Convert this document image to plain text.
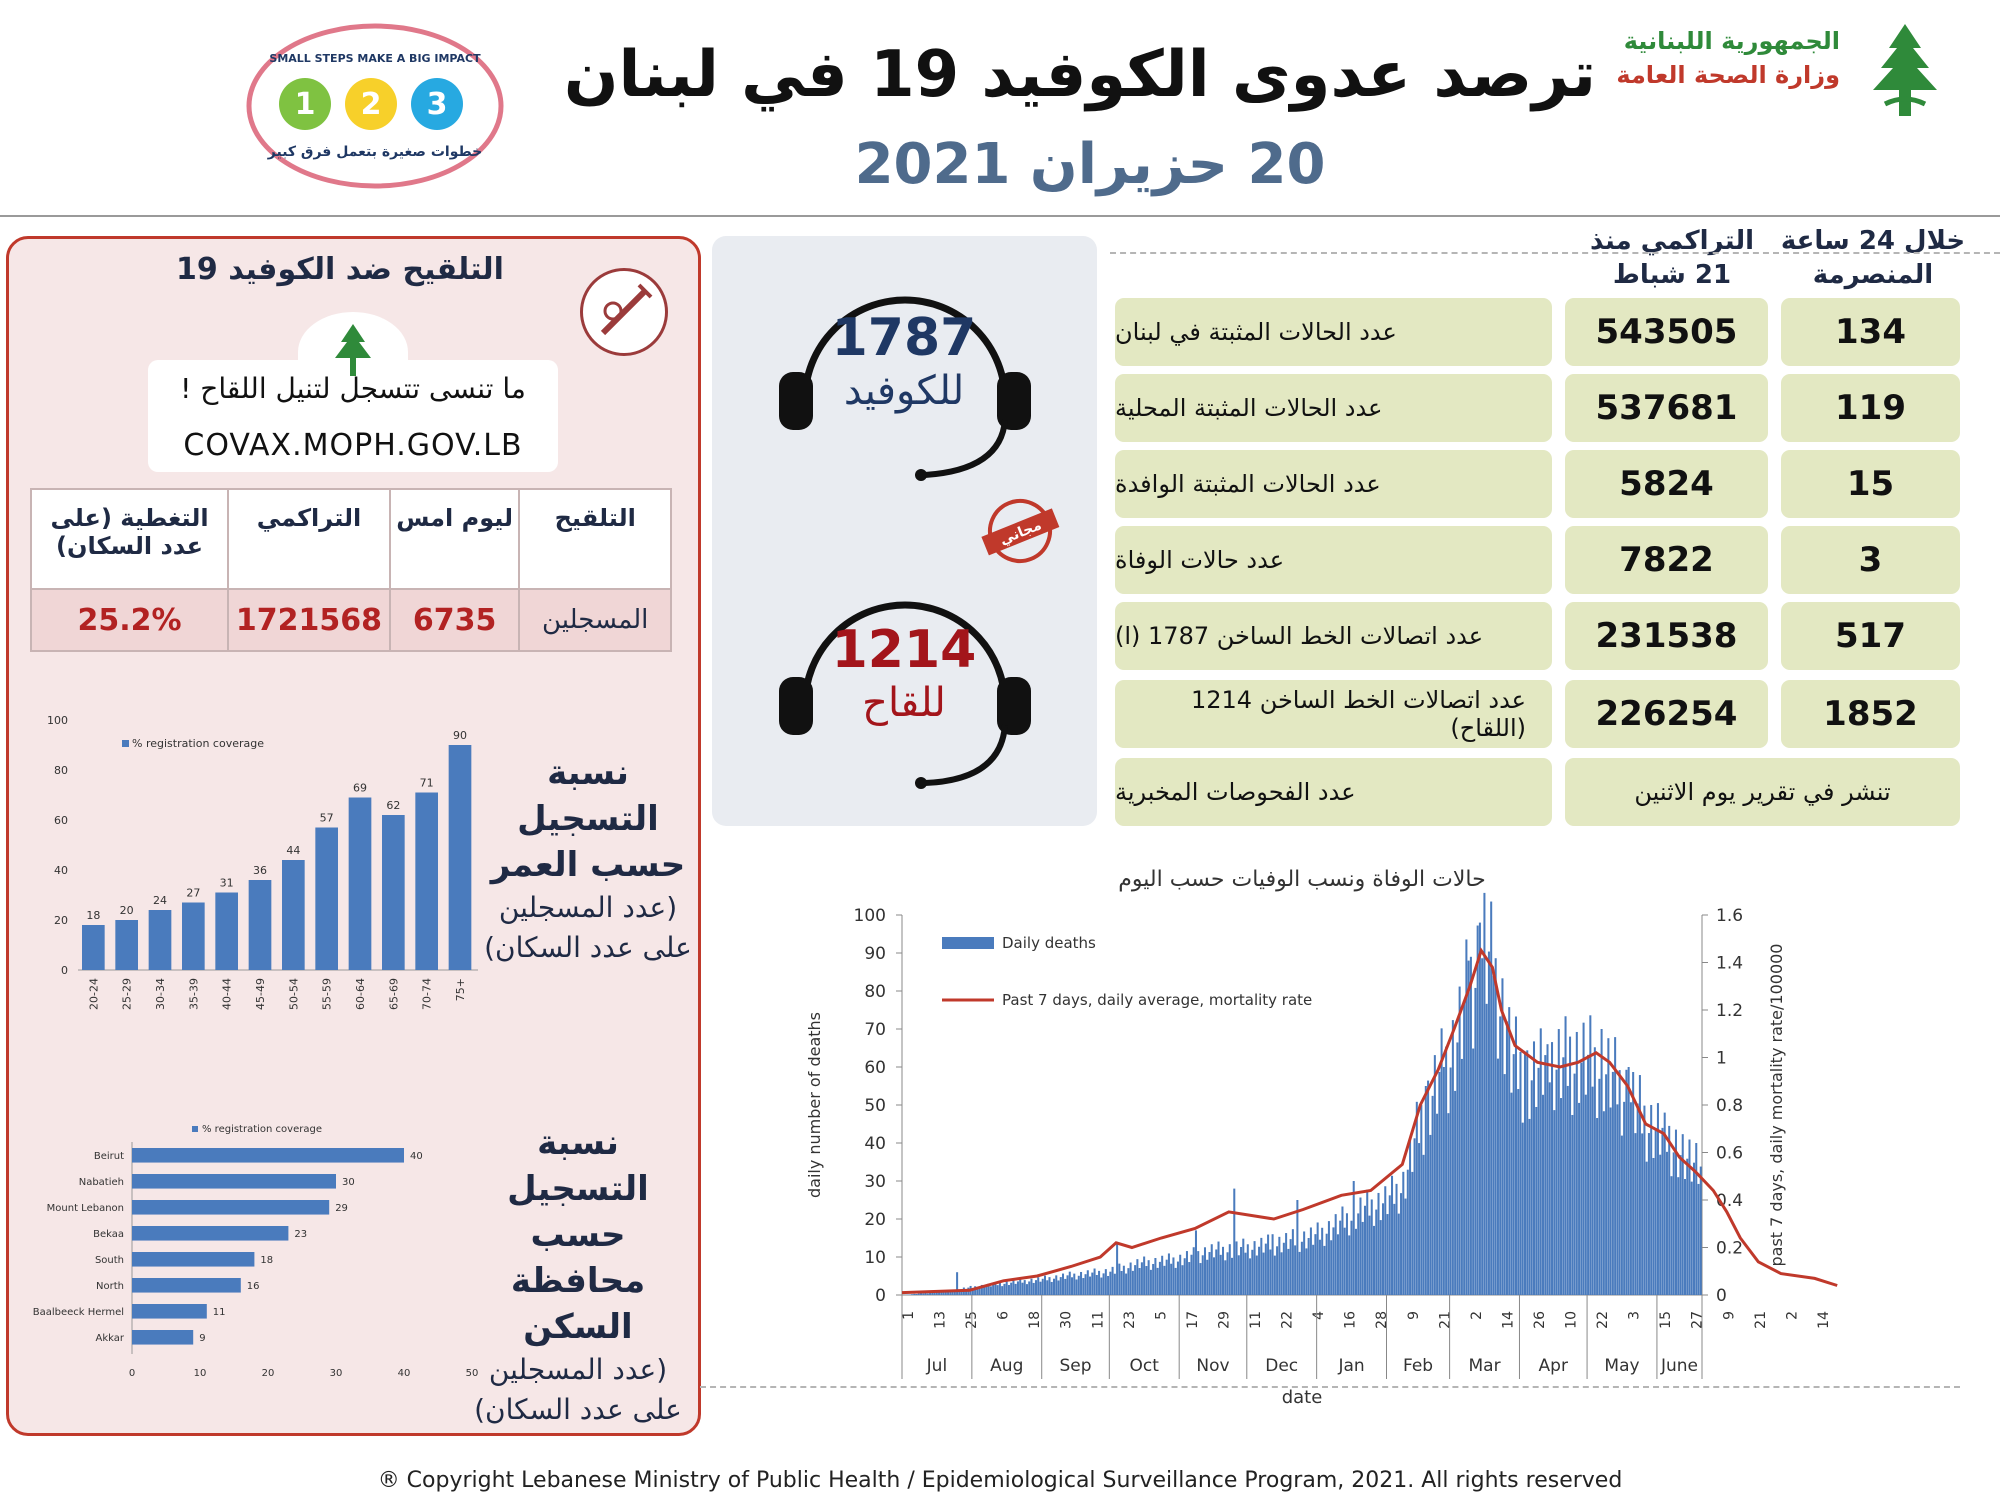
ترصد عدوى الكوفيد 19 في لبنان
20 حزيران 2021
الجمهورية اللبنانية
وزارة الصحة العامة
SMALL STEPS MAKE A BIG IMPACT
1 2 3
خطوات صغيرة بتعمل فرق كبير
التلقيح ضد الكوفيد 19
ما تنسى تتسجل لتنيل اللقاح !
COVAX.MOPH.GOV.LB
التغطية (على عدد السكان)	التراكمي	ليوم امس	التلقيح
25.2%	1721568	6735	المسجلين
نسبة التسجيل حسب العمر
(عدد المسجلين على عدد السكان)
0
20
40
60
80
100
% registration coverage
18
20-24
20
25-29
24
30-34
27
35-39
31
40-44
36
45-49
44
50-54
57
55-59
69
60-64
62
65-69
71
70-74
90
75+
نسبة التسجيل حسب محافظة السكن
(عدد المسجلين على عدد السكان)
% registration coverage
Beirut	40
Nabatieh	30
Mount Lebanon	29
Bekaa	23
South	18
North	16
Baalbeeck Hermel	11
Akkar	9
0	10	20	30	40	50
1787
للكوفيد
1214
للقاح
مجاني
خلال 24 ساعة المنصرمة
التراكمي منذ 21 شباط
عدد الحالات المثبتة في لبنان	543505	134
عدد الحالات المثبتة المحلية	537681	119
عدد الحالات المثبتة الوافدة	5824	15
عدد حالات الوفاة	7822	3
عدد اتصالات الخط الساخن 1787 (ا)	231538	517
عدد اتصالات الخط الساخن 1214 (اللقاح)	226254	1852
عدد الفحوصات المخبرية	تنشر في تقرير يوم الاثنين
حالات الوفاة ونسب الوفيات حسب اليوم
0
10
20
30
40
50
60
70
80
90
100
0
0.2
0.4
0.6
0.8
1
1.2
1.4
1.6
daily number of deaths	past 7 days, daily mortality rate/100000
Daily deaths
Past 7 days, daily average, mortality rate
1 13 25 6 18 30 11 23 5 17 29 11 22 4 16 28 9 21 2 14 26 10 22 3 15 27 9 21 2 14
Jul	Aug Sep Oct Nov Dec Jan Feb Mar Apr May June
date
® Copyright Lebanese Ministry of Public Health / Epidemiological Surveillance Program, 2021. All rights reserved
